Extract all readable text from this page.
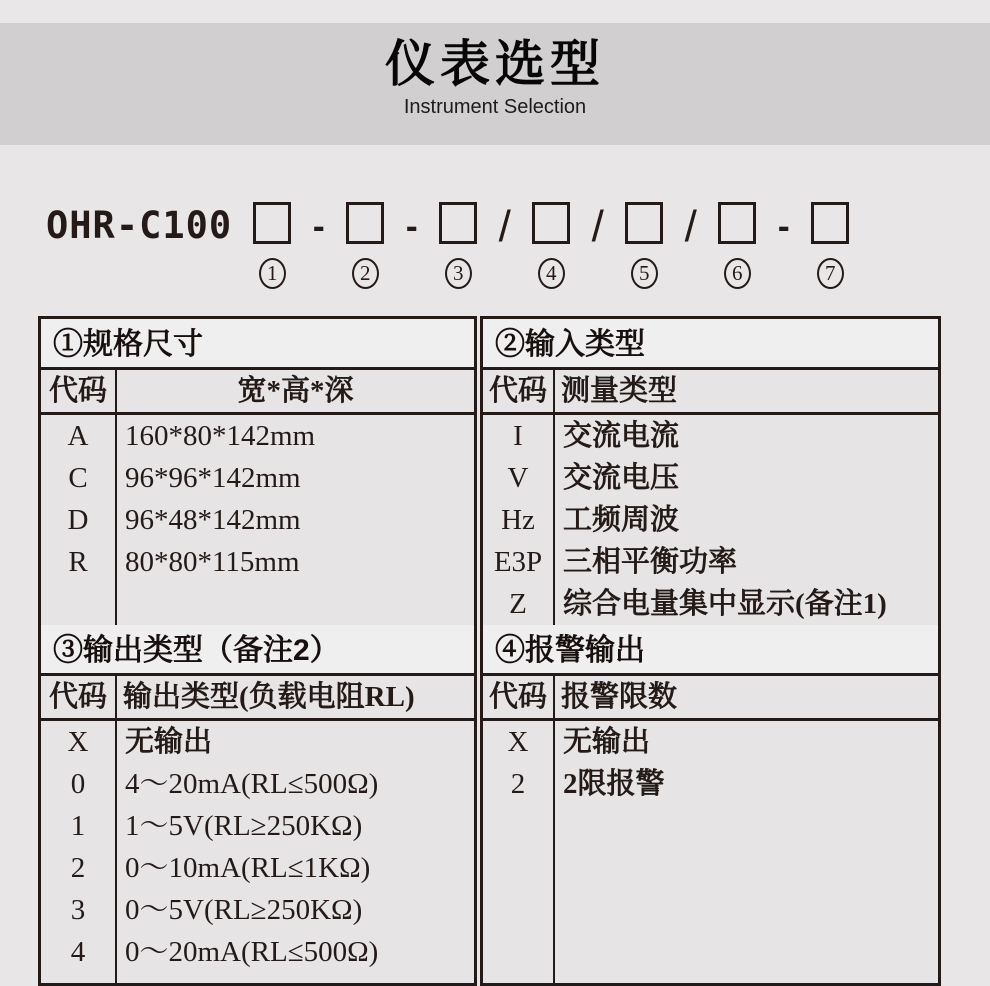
仪表选型
Instrument Selection
OHR-C100
1
-
2
-
3
/
4
/
5
/
6
-
7
①规格尺寸
代码	宽*高*深
A
C
D
R
160*80*142mm
96*96*142mm
96*48*142mm
80*80*115mm
③输出类型（备注2）
代码 输出类型(负载电阻RL)
X
0
1
2
3
4
无输出
4～20mA(RL≤500Ω)
1～5V(RL≥250KΩ)
0～10mA(RL≤1KΩ)
0～5V(RL≥250KΩ)
0～20mA(RL≤500Ω)
②输入类型
代码 测量类型
I
V
Hz
E3P
Z
交流电流
交流电压
工频周波
三相平衡功率
综合电量集中显示(备注1)
④报警输出
代码 报警限数
X
2
无输出
2限报警
